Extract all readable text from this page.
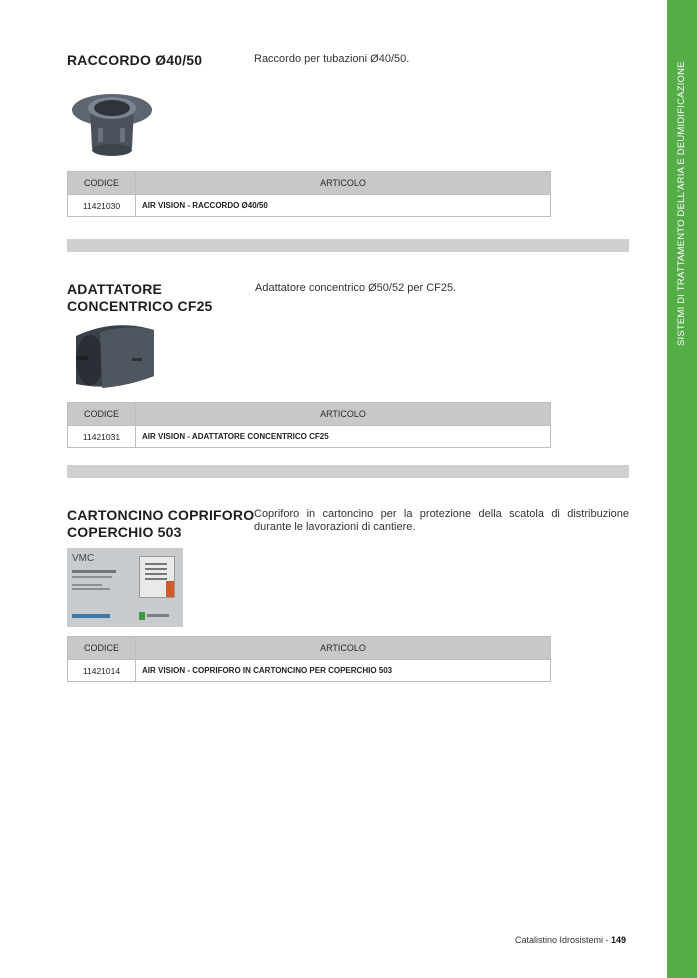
SISTEMI DI TRATTAMENTO DELL'ARIA E DEUMIDIFICAZIONE
RACCORDO Ø40/50	Raccordo per tubazioni Ø40/50.
CODICE	ARTICOLO
11421030	AIR VISION - RACCORDO Ø40/50
ADATTATORE
CONCENTRICO CF25
Adattatore concentrico Ø50/52 per CF25.
CODICE	ARTICOLO
11421031	AIR VISION - ADATTATORE CONCENTRICO CF25
CARTONCINO COPRIFORO
COPERCHIO 503
Copriforo in cartoncino per la protezione della scatola di distribuzione durante le lavorazioni di cantiere.
VMC
CODICE	ARTICOLO
11421014	AIR VISION - COPRIFORO IN CARTONCINO PER COPERCHIO 503
Catalistino Idrosistemi - 149
